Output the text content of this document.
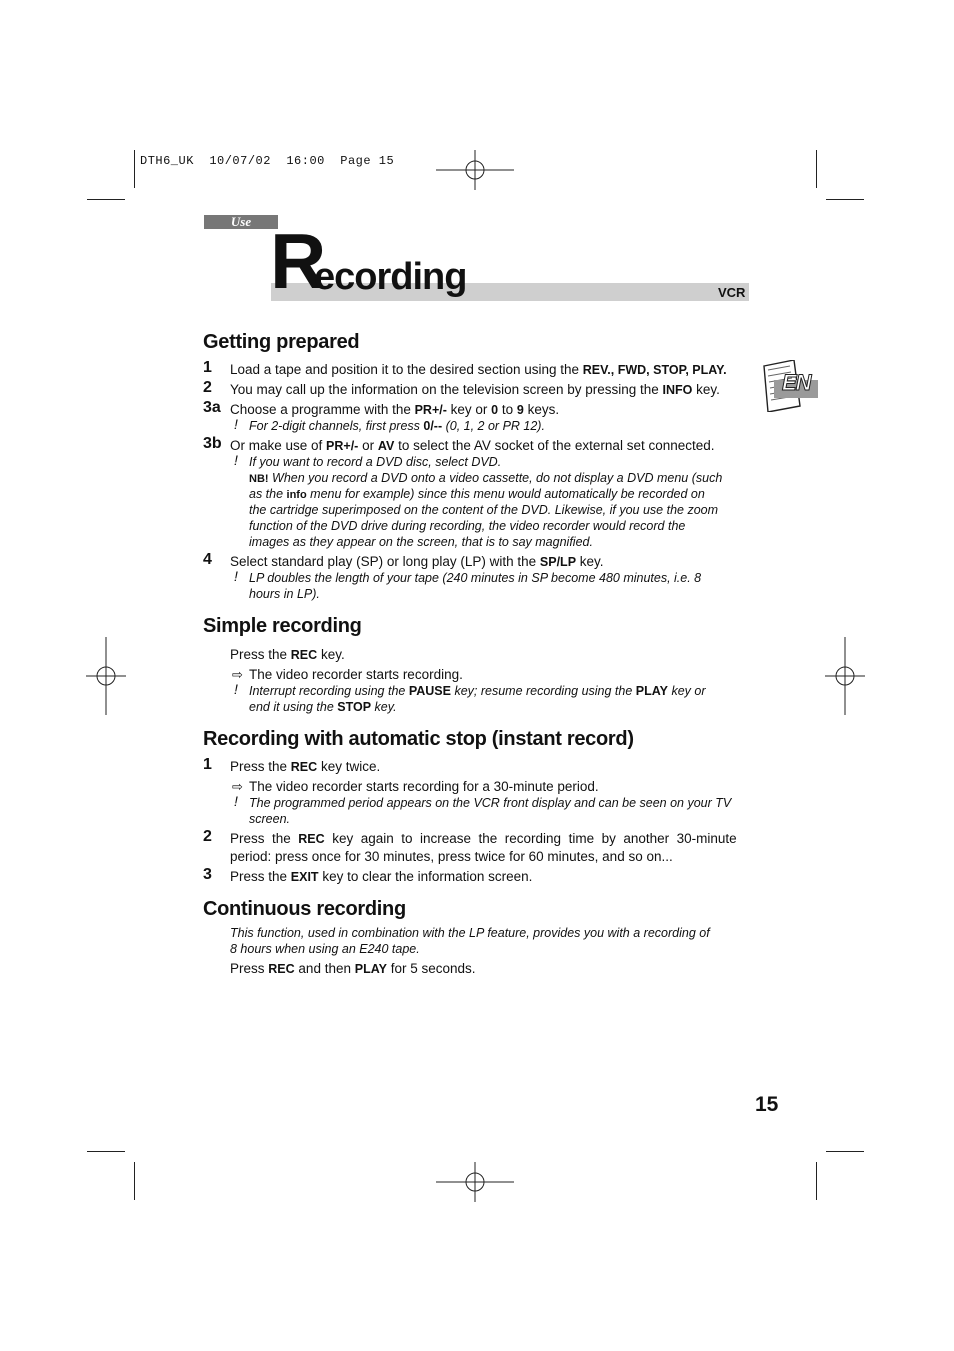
DTH6_UK 10/07/02 16:00 Page 15
Use R
ecording	VCR
EN
Getting prepared
1 Load a tape and position it to the desired section using the REV., FWD, STOP, PLAY.
2 You may call up the information on the television screen by pressing the INFO key.
3a Choose a programme with the PR+/- key or 0 to 9 keys.
! For 2-digit channels, first press 0/-- (0, 1, 2 or PR 12).
3b Or make use of PR+/- or AV to select the AV socket of the external set connected.
! If you want to record a DVD disc, select DVD.
NB! When you record a DVD onto a video cassette, do not display a DVD menu (such
as the info menu for example) since this menu would automatically be recorded on
the cartridge superimposed on the content of the DVD. Likewise, if you use the zoom
function of the DVD drive during recording, the video recorder would record the
images as they appear on the screen, that is to say magnified.
4 Select standard play (SP) or long play (LP) with the SP/LP key.
! LP doubles the length of your tape (240 minutes in SP become 480 minutes, i.e. 8
hours in LP).
Simple recording
Press the REC key.
⇨ The video recorder starts recording.
! Interrupt recording using the PAUSE key; resume recording using the PLAY key or
end it using the STOP key.
Recording with automatic stop (instant record)
1 Press the REC key twice.
⇨ The video recorder starts recording for a 30-minute period.
! The programmed period appears on the VCR front display and can be seen on your TV
screen.
2 Press  the  REC  key  again  to  increase  the  recording  time  by  another  30-minute
period: press once for 30 minutes, press twice for 60 minutes, and so on...
3 Press the EXIT key to clear the information screen.
Continuous recording
This function, used in combination with the LP feature, provides you with a recording of
8 hours when using an E240 tape.
Press REC and then PLAY for 5 seconds.
15
